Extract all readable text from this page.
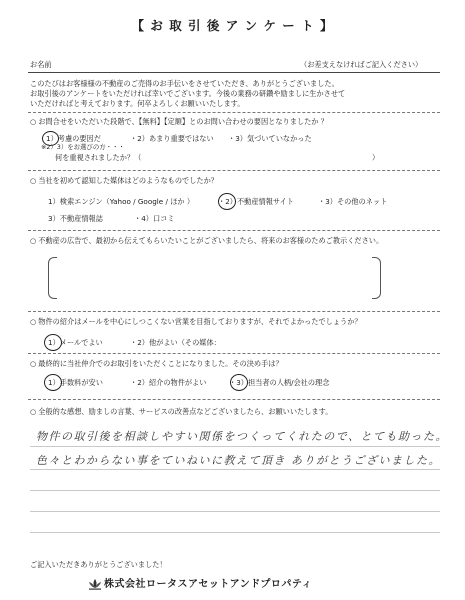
【 お 取 引 後 ア ン ケ ー ト 】
お名前	（お差支えなければご記入ください）
このたびはお客様様の不動産のご売得のお手伝いをさせていただき、ありがとうございました。
お取引後のアンケートをいただければ幸いでございます。今後の業務の研鑽や励ましに生かさせて
いただければと考えております。何卒よろしくお願いいたします。
○ お問合せをいただいた段階で、【無料】【定額】とのお問い合わせの要因となりましたか ？
1）考慮の要因だ	・2）あまり重要ではない ・3）気づいていなかった
※2）3）をお選びの方・・・
何を重視されましたか？（	）
○ 当社を初めて認知した媒体はどのようなものでしたか？
1）検索エンジン（Yahoo / Google / ほか ）	・2）不動産情報サイト	・3）その他のネット
3）不動産情報誌	・4）口コミ
○ 不動産の広告で、最初から伝えてもらいたいことがございましたら、将来のお客様のためご教示ください。
○ 物件の紹介はメールを中心にしつこくない営業を目指しておりますが、それでよかったでしょうか？
1）メールでよい	・2）他がよい（その媒体：
○ 最終的に当社仲介でのお取引をいただくことになりました。その決め手は？
1）手数料が安い	・2）紹介の物件がよい	・3）担当者の人柄/会社の理念
○ 全般的な感想、励ましの言葉、サービスの改善点などございましたら、お願いいたします。
物件の取引後を相談しやすい関係をつくってくれたので、とても助った。
色々とわからない事をていねいに教えて頂き ありがとうございました。
ご記入いただきありがとうございました！
株式会社ロータスアセットアンドプロパティ
